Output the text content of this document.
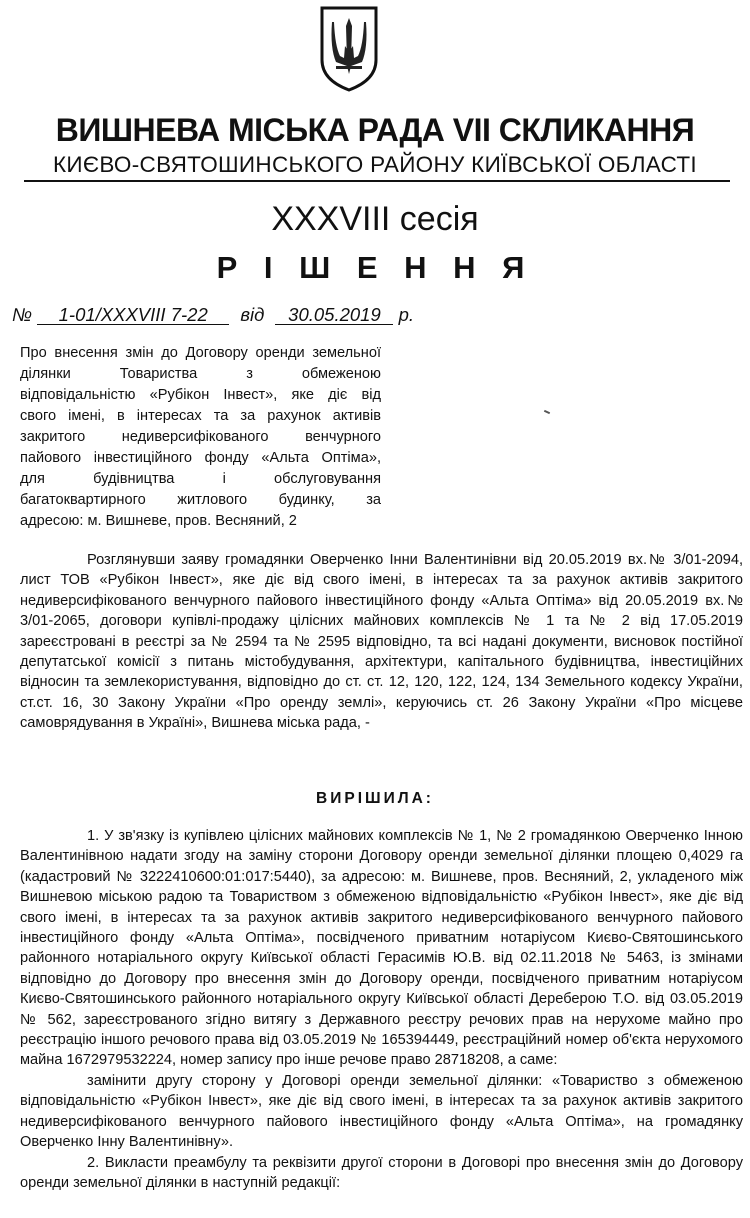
ВИШНЕВА МІСЬКА РАДА VII СКЛИКАННЯ
КИЄВО-СВЯТОШИНСЬКОГО РАЙОНУ КИЇВСЬКОЇ ОБЛАСТІ
XXXVIII сесія
Р І Ш Е Н Н Я
№ 1-01/XXXVIII 7-22 від 30.05.2019 р.
Про внесення змін до Договору оренди земельної
ділянки Товариства з обмеженою
відповідальністю «Рубікон Інвест», яке діє від
свого імені, в інтересах та за рахунок активів
закритого недиверсифікованого венчурного
пайового інвестиційного фонду «Альта Оптіма»,
для будівництва і обслуговування
багатоквартирного житлового будинку, за
адресою: м. Вишневе, пров. Весняний, 2

Розглянувши заяву громадянки Оверченко Інни Валентинівни від 20.05.2019 вх.№ 3/01-2094, лист ТОВ «Рубікон Інвест», яке діє від свого імені, в інтересах та за рахунок активів закритого недиверсифікованого венчурного пайового інвестиційного фонду «Альта Оптіма» від 20.05.2019 вх.№ 3/01-2065, договори купівлі-продажу цілісних майнових комплексів № 1 та № 2 від 17.05.2019 зареєстровані в реєстрі за № 2594 та № 2595 відповідно, та всі надані документи, висновок постійної депутатської комісії з питань містобудування, архітектури, капітального будівництва, інвестиційних відносин та землекористування, відповідно до ст. ст. 12, 120, 122, 124, 134 Земельного кодексу України, ст.ст. 16, 30 Закону України «Про оренду землі», керуючись ст. 26 Закону України «Про місцеве самоврядування в Україні», Вишнева міська рада, -

ВИРІШИЛА:

1. У зв'язку із купівлею цілісних майнових комплексів № 1, № 2 громадянкою Оверченко Інною Валентинівною надати згоду на заміну сторони Договору оренди земельної ділянки площею 0,4029 га (кадастровий № 3222410600:01:017:5440), за адресою: м. Вишневе, пров. Весняний, 2, укладеного між Вишневою міською радою та Товариством з обмеженою відповідальністю «Рубікон Інвест», яке діє від свого імені, в інтересах та за рахунок активів закритого недиверсифікованого венчурного пайового інвестиційного фонду «Альта Оптіма», посвідченого приватним нотаріусом Києво-Святошинського районного нотаріального округу Київської області Герасимів Ю.В. від 02.11.2018 № 5463, із змінами відповідно до Договору про внесення змін до Договору оренди, посвідченого приватним нотаріусом Києво-Святошинського районного нотаріального округу Київської області Дереберою Т.О. від 03.05.2019 № 562, зареєстрованого згідно витягу з Державного реєстру речових прав на нерухоме майно про реєстрацію іншого речового права від 03.05.2019 № 165394449, реєстраційний номер об'єкта нерухомого майна 1672979532224, номер запису про інше речове право 28718208, а саме:

замінити другу сторону у Договорі оренди земельної ділянки: «Товариство з обмеженою відповідальністю «Рубікон Інвест», яке діє від свого імені, в інтересах та за рахунок активів закритого недиверсифікованого венчурного пайового інвестиційного фонду «Альта Оптіма», на громадянку Оверченко Інну Валентинівну».

2. Викласти преамбулу та реквізити другої сторони в Договорі про внесення змін до Договору оренди земельної ділянки в наступній редакції:
